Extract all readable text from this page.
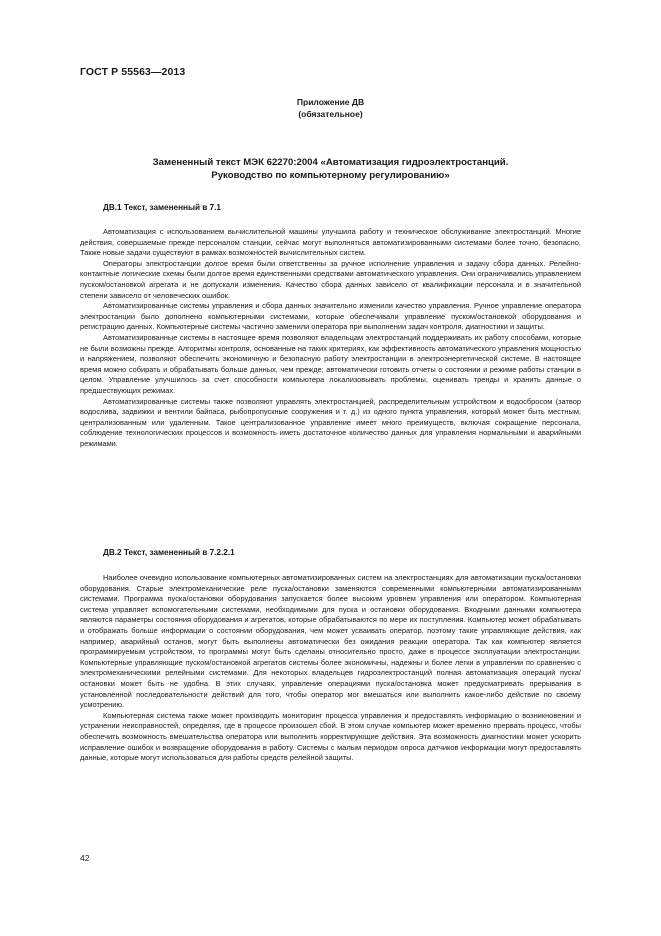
ГОСТ Р 55563—2013
Приложение ДВ
(обязательное)
Замененный текст МЭК 62270:2004 «Автоматизация гидроэлектростанций.
Руководство по компьютерному регулированию»
ДВ.1 Текст, замененный в 7.1

Автоматизация с использованием вычислительной машины улучшила работу и техническое обслуживание электростанций. Многие действия, совершаемые прежде персоналом станции, сейчас могут выполняться автоматизированными системами более точно, безопасно. Также новые задачи существуют в рамках возможностей вычислительных систем.

Операторы электростанции долгое время были ответственны за ручное исполнение управления и задачу сбора данных. Релейно-контактные логические схемы были долгое время единственными средствами автоматического управления. Они ограничивались управлением пуском/остановкой агрегата и не допускали изменения. Качество сбора данных зависело от квалификации персонала и в значительной степени зависело от человеческих ошибок.

Автоматизированные системы управления и сбора данных значительно изменили качество управления. Ручное управление оператора электростанции было дополнено компьютерными системами, которые обеспечивали управление пуском/остановкой оборудования и регистрацию данных. Компьютерные системы частично заменили оператора при выполнении задач контроля, диагностики и защиты.

Автоматизированные системы в настоящее время позволяют владельцам электростанций поддерживать их работу способами, которые не были возможны прежде. Алгоритмы контроля, основанные на таких критериях, как эффективность автоматического управления мощностью и напряжением, позволяют обеспечить экономичную и безопасную работу электростанции в электроэнергетической системе. В настоящее время можно собирать и обрабатывать больше данных, чем прежде; автоматически готовить отчеты о состоянии и режиме работы станции в целом. Управление улучшилось за счет способности компьютера локализовывать проблемы, оценивать тренды и хранить данные о предшествующих режимах.

Автоматизированные системы также позволяют управлять электростанцией, распределительным устройством и водосбросом (затвор водослива, задвижки и вентили байпаса, рыбопропускные сооружения и т. д.) из одного пункта управления, который может быть местным, централизованным или удаленным. Такое централизованное управление имеет много преимуществ, включая сокращение персонала, соблюдение технологических процессов и возможность иметь достаточное количество данных для управления нормальными и аварийными режимами.

ДВ.2 Текст, замененный в 7.2.2.1

Наиболее очевидно использование компьютерных автоматизированных систем на электростанциях для автоматизации пуска/остановки оборудования. Старые электромеханические реле пуска/остановки заменяются современными компьютерными автоматизированными системами. Программа пуска/остановки оборудования запускается более высоким уровнем управления или оператором. Компьютерная система управляет вспомогательными системами, необходимыми для пуска и остановки оборудования. Входными данными компьютера являются параметры состояния оборудования и агрегатов, которые обрабатываются по мере их поступления. Компьютер может обрабатывать и отображать больше информации о состоянии оборудования, чем может усваивать оператор, поэтому такие управляющие действия, как например, аварийный останов, могут быть выполнены автоматически без ожидания реакции оператора. Так как компьютер является программируемым устройством, то программы могут быть сделаны относительно просто, даже в процессе эксплуатации электростанции. Компьютерные управляющие пуском/остановкой агрегатов системы более экономичны, надежны и более легки в управлении по сравнению с электромеханическими релейными системами. Для некоторых владельцев гидроэлектростанций полная автоматизация операций пуска/остановки может быть не удобна. В этих случаях, управление операциями пуска/остановка может предусматривать прерывания в установленной последовательности действий для того, чтобы оператор мог вмешаться или выполнить какое-либо действие по своему усмотрению.

Компьютерная система также может производить мониторинг процесса управления и предоставлять информацию о возникновении и устранении неисправностей, определяя, где в процессе произошел сбой. В этом случае компьютер может временно прервать процесс, чтобы обеспечить возможность вмешательства оператора или выполнить корректирующие действия. Эта возможность диагностики может ускорить исправление ошибок и возвращение оборудования в работу. Системы с малым периодом опроса датчиков информации могут предоставлять данные, которые могут использоваться для работы средств релейной защиты.

42
